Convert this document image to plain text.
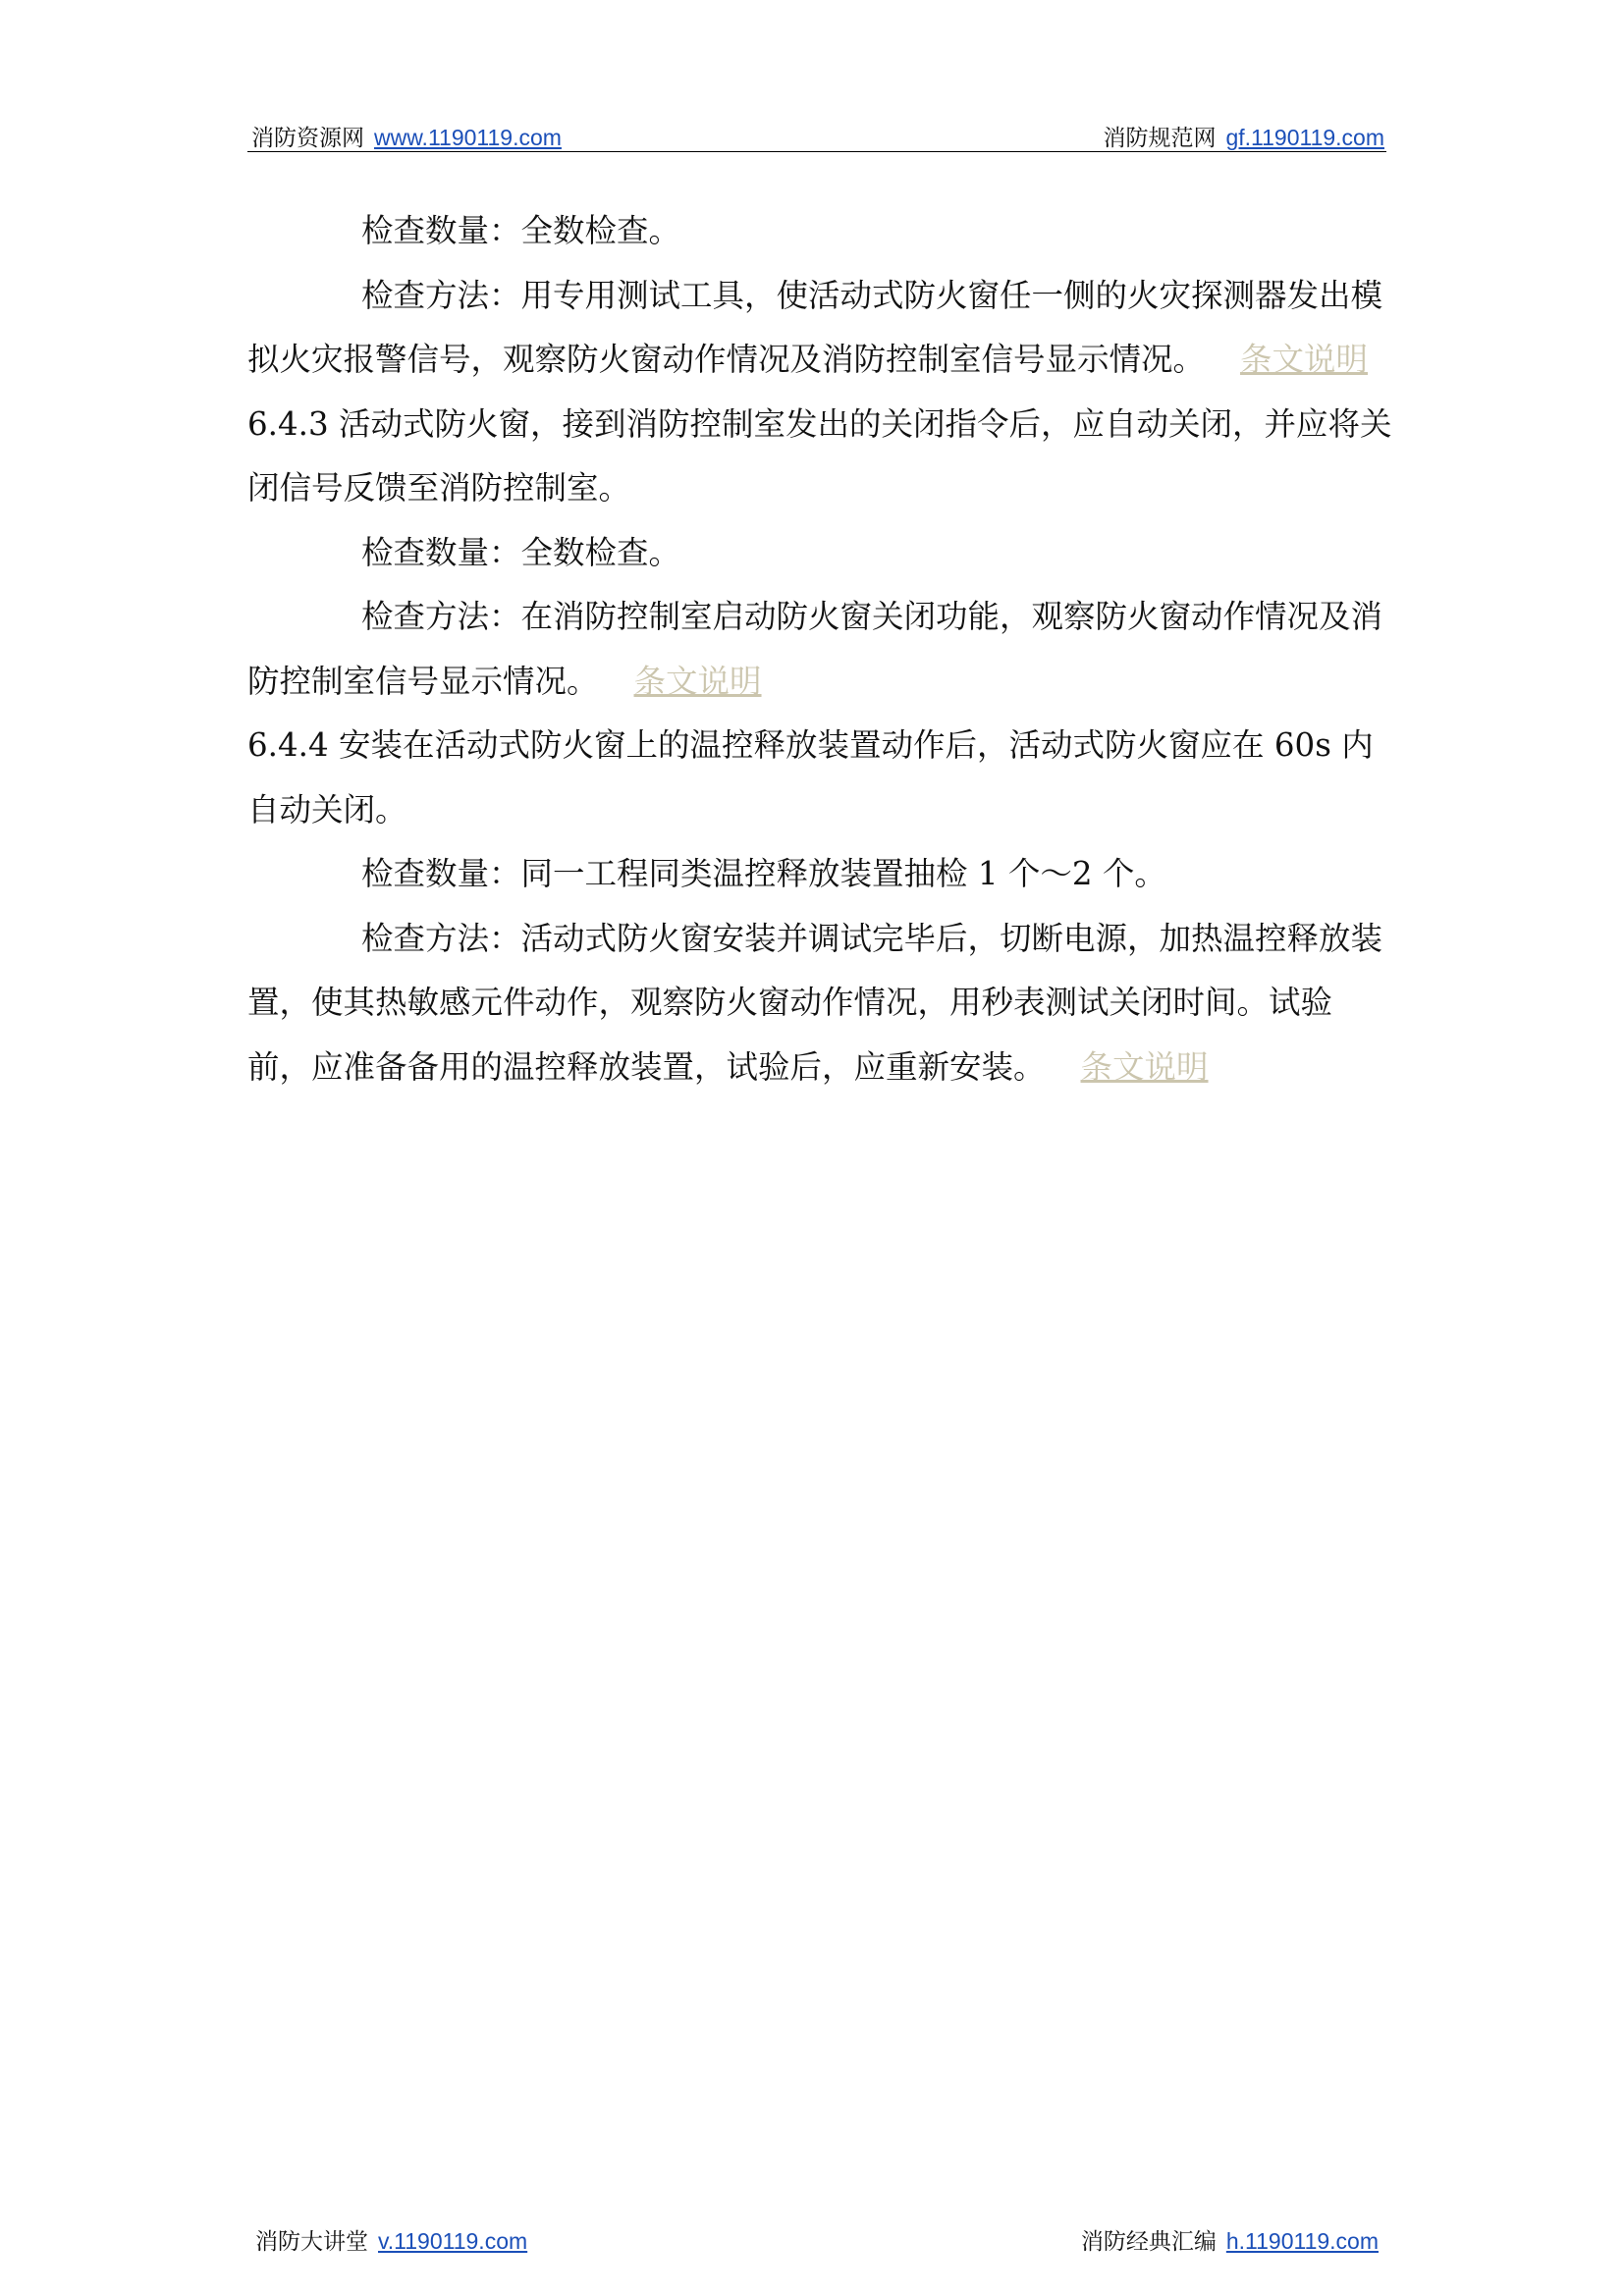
消防资源网 www.1190119.com	消防规范网 gf.1190119.com

检查数量：全数检查。

检查方法：用专用测试工具，使活动式防火窗任一侧的火灾探测器发出模拟火灾报警信号，观察防火窗动作情况及消防控制室信号显示情况。 条文说明

6.4.3 活动式防火窗，接到消防控制室发出的关闭指令后，应自动关闭，并应将关闭信号反馈至消防控制室。

检查数量：全数检查。

检查方法：在消防控制室启动防火窗关闭功能，观察防火窗动作情况及消防控制室信号显示情况。 条文说明

6.4.4 安装在活动式防火窗上的温控释放装置动作后，活动式防火窗应在 60s 内自动关闭。

检查数量：同一工程同类温控释放装置抽检 1 个～2 个。

检查方法：活动式防火窗安装并调试完毕后，切断电源，加热温控释放装置，使其热敏感元件动作，观察防火窗动作情况，用秒表测试关闭时间。试验前，应准备备用的温控释放装置，试验后，应重新安装。 条文说明

消防大讲堂 v.1190119.com	消防经典汇编 h.1190119.com
